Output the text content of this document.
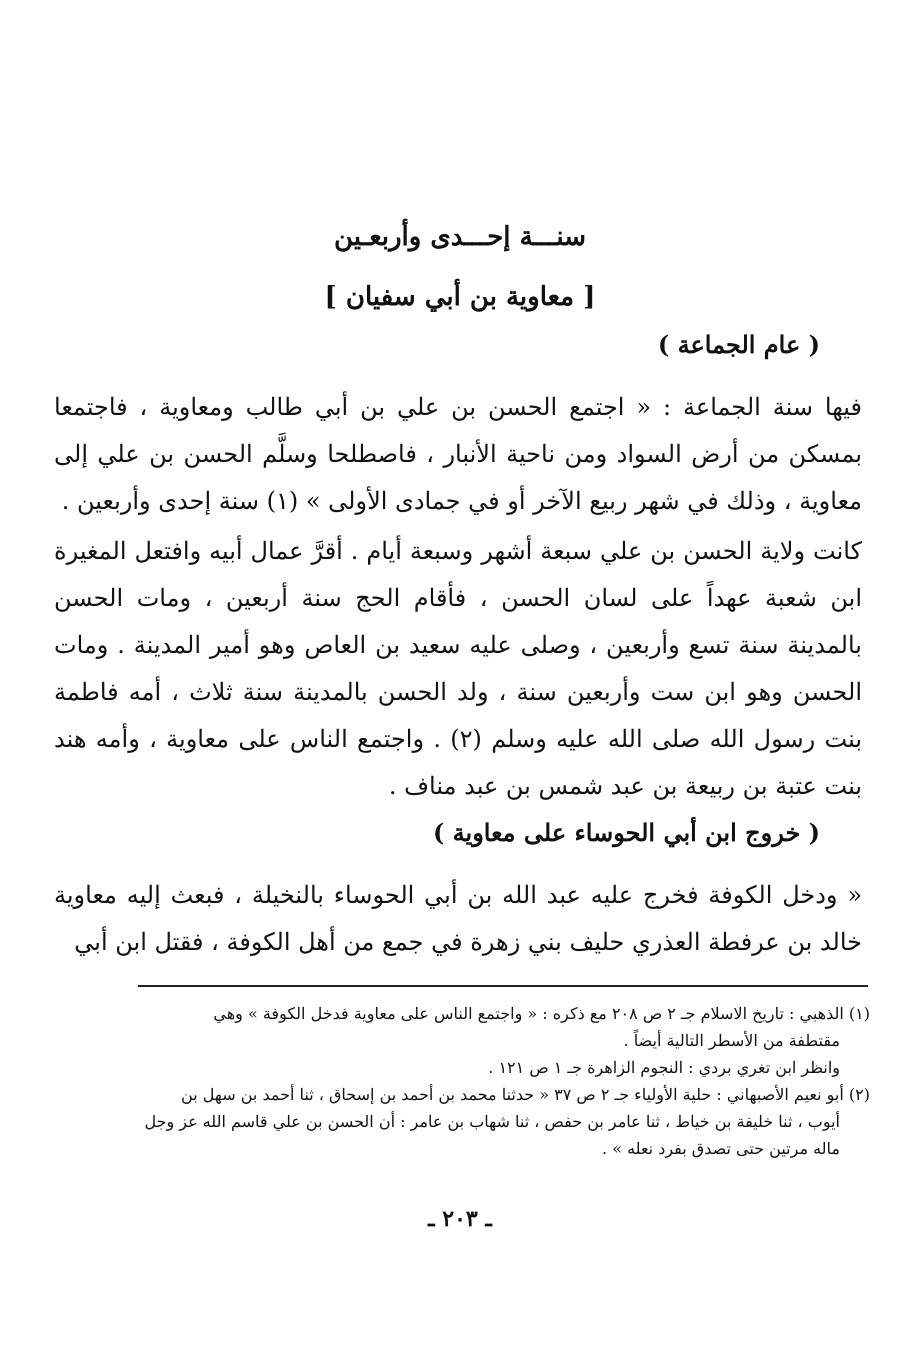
سنـــة إحـــدى وأربعـين
[ معاوية بن أبي سفيان ]
( عام الجماعة )
فيها سنة الجماعة : « اجتمع الحسن بن علي بن أبي طالب ومعاوية ، فاجتمعا بمسكن من أرض السواد ومن ناحية الأنبار ، فاصطلحا وسلَّم الحسن بن علي إلى معاوية ، وذلك في شهر ربيع الآخر أو في جمادى الأولى » (١) سنة إحدى وأربعين .
كانت ولاية الحسن بن علي سبعة أشهر وسبعة أيام . أقرَّ عمال أبيه وافتعل المغيرة ابن شعبة عهداً على لسان الحسن ، فأقام الحج سنة أربعين ، ومات الحسن بالمدينة سنة تسع وأربعين ، وصلى عليه سعيد بن العاص وهو أمير المدينة . ومات الحسن وهو ابن ست وأربعين سنة ، ولد الحسن بالمدينة سنة ثلاث ، أمه فاطمة بنت رسول الله صلى الله عليه وسلم (٢) . واجتمع الناس على معاوية ، وأمه هند بنت عتبة بن ربيعة بن عبد شمس بن عبد مناف .
( خروج ابن أبي الحوساء على معاوية )
« ودخل الكوفة فخرج عليه عبد الله بن أبي الحوساء بالنخيلة ، فبعث إليه معاوية خالد بن عرفطة العذري حليف بني زهرة في جمع من أهل الكوفة ، فقتل ابن أبي

(١) الذهبي : تاريخ الاسلام جـ ٢ ص ٢٠٨ مع ذكره : « واجتمع الناس على معاوية فدخل الكوفة » وهي

مقتطفة من الأسطر التالية أيضاً .

وانظر ابن تغري بردي : النجوم الزاهرة جـ ١ ص ١٢١ .

(٢) أبو نعيم الأصبهاني : حلية الأولياء جـ ٢ ص ٣٧ « حدثنا محمد بن أحمد بن إسحاق ، ثنا أحمد بن سهل بن

أيوب ، ثنا خليفة بن خياط ، ثنا عامر بن حفص ، ثنا شهاب بن عامر : أن الحسن بن علي قاسم الله عز وجل

ماله مرتين حتى تصدق بفرد نعله » .

ـ ٢٠٣ ـ
